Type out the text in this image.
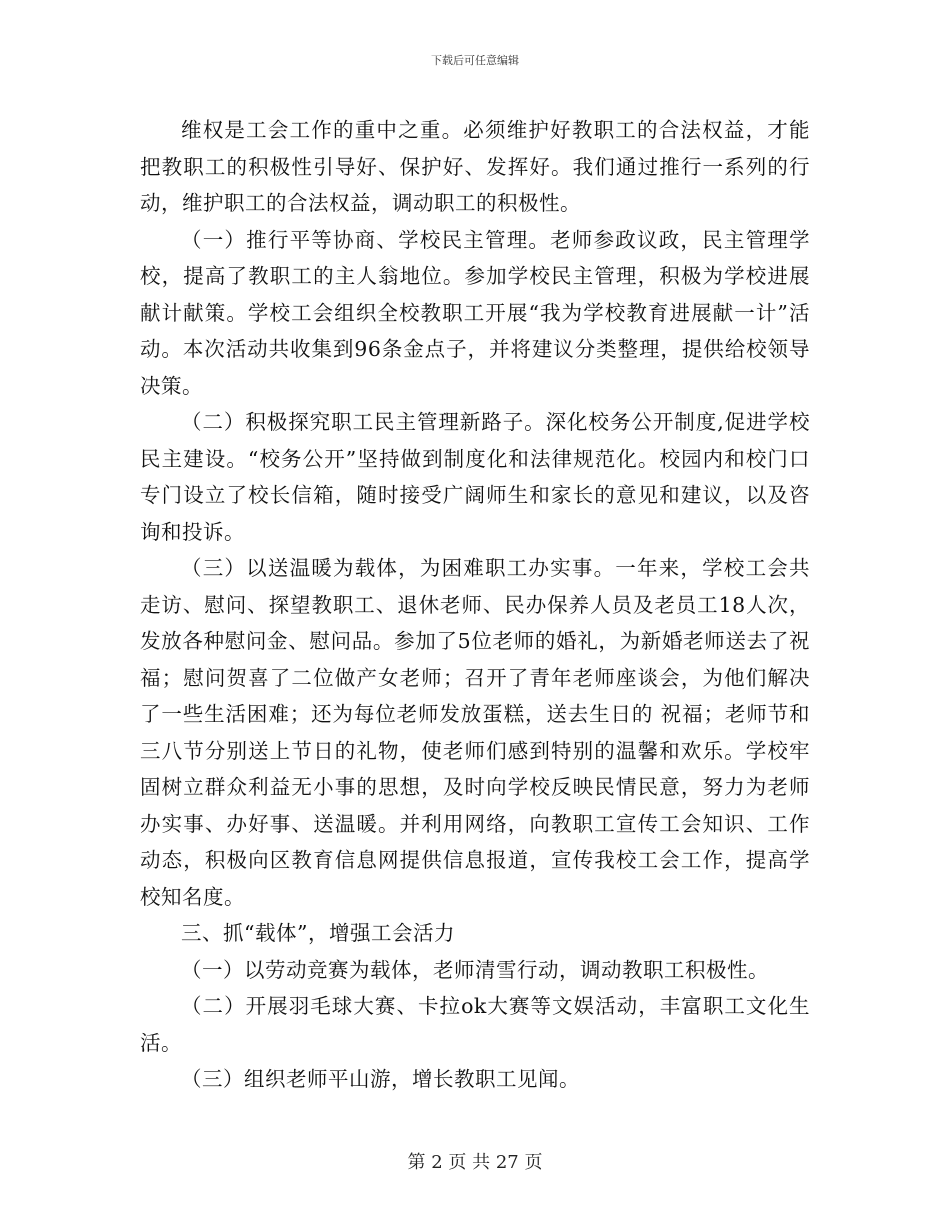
下载后可任意编辑

维权是工会工作的重中之重。必须维护好教职工的合法权益，才能把教职工的积极性引导好、保护好、发挥好。我们通过推行一系列的行动，维护职工的合法权益，调动职工的积极性。

（一）推行平等协商、学校民主管理。老师参政议政，民主管理学校，提高了教职工的主人翁地位。参加学校民主管理，积极为学校进展献计献策。学校工会组织全校教职工开展“我为学校教育进展献一计”活动。本次活动共收集到96条金点子，并将建议分类整理，提供给校领导决策。

（二）积极探究职工民主管理新路子。深化校务公开制度,促进学校民主建设。“校务公开”坚持做到制度化和法律规范化。校园内和校门口专门设立了校长信箱，随时接受广阔师生和家长的意见和建议，以及咨询和投诉。

（三）以送温暖为载体，为困难职工办实事。一年来，学校工会共走访、慰问、探望教职工、退休老师、民办保养人员及老员工18人次，发放各种慰问金、慰问品。参加了5位老师的婚礼，为新婚老师送去了祝福；慰问贺喜了二位做产女老师；召开了青年老师座谈会，为他们解决了一些生活困难；还为每位老师发放蛋糕，送去生日的 祝福；老师节和三八节分别送上节日的礼物，使老师们感到特别的温馨和欢乐。学校牢固树立群众利益无小事的思想，及时向学校反映民情民意，努力为老师办实事、办好事、送温暖。并利用网络，向教职工宣传工会知识、工作动态，积极向区教育信息网提供信息报道，宣传我校工会工作，提高学校知名度。

三、抓“载体”，增强工会活力

（一）以劳动竞赛为载体，老师清雪行动，调动教职工积极性。

（二）开展羽毛球大赛、卡拉ok大赛等文娱活动，丰富职工文化生活。

（三）组织老师平山游，增长教职工见闻。

第 2 页 共 27 页
